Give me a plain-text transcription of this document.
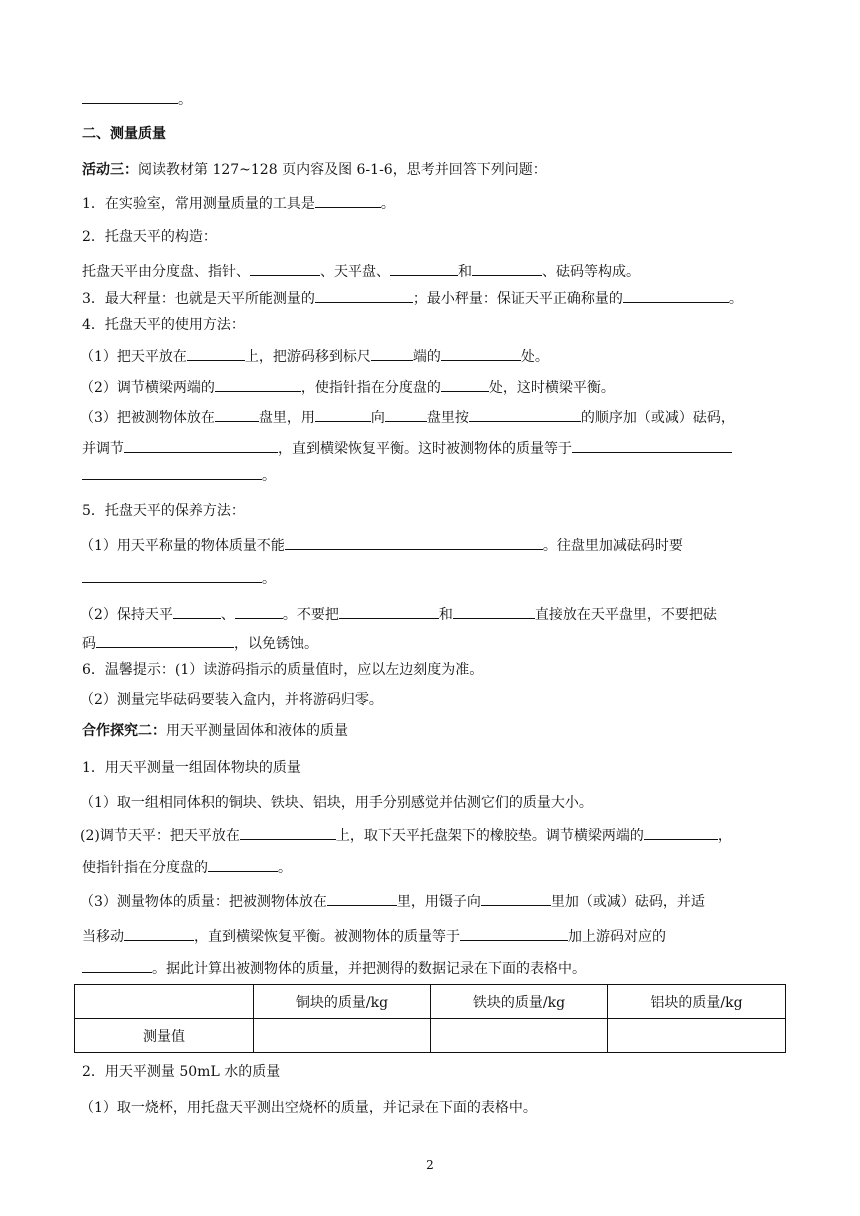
。
二、测量质量
活动三：阅读教材第 127~128 页内容及图 6-1-6，思考并回答下列问题：
1．在实验室，常用测量质量的工具是	。
2．托盘天平的构造：
托盘天平由分度盘、指针、	、天平盘、	和	、砝码等构成。
3．最大秤量：也就是天平所能测量的	；最小秤量：保证天平正确称量的	。
4．托盘天平的使用方法：
（1）把天平放在	上，把游码移到标尺	端的	处。
（2）调节横梁两端的	，使指针指在分度盘的	处，这时横梁平衡。
（3）把被测物体放在	盘里，用	向	盘里按	的顺序加（或减）砝码，
并调节	，直到横梁恢复平衡。这时被测物体的质量等于
。
5．托盘天平的保养方法：
（1）用天平称量的物体质量不能	。往盘里加减砝码时要
。
（2）保持天平	、	。不要把	和	直接放在天平盘里，不要把砝
码	，以免锈蚀。
6．温馨提示：(1）读游码指示的质量值时，应以左边刻度为准。
（2）测量完毕砝码要装入盒内，并将游码归零。
合作探究二：用天平测量固体和液体的质量
1．用天平测量一组固体物块的质量
（1）取一组相同体积的铜块、铁块、铝块，用手分别感觉并估测它们的质量大小。
(2)调节天平：把天平放在	上，取下天平托盘架下的橡胶垫。调节横梁两端的	，
使指针指在分度盘的	。
（3）测量物体的质量：把被测物体放在	里，用镊子向	里加（或减）砝码，并适
当移动	，直到横梁恢复平衡。被测物体的质量等于	加上游码对应的
。据此计算出被测物体的质量，并把测得的数据记录在下面的表格中。
	铜块的质量/kg	铁块的质量/kg	铝块的质量/kg
测量值			
2．用天平测量 50mL 水的质量
（1）取一烧杯，用托盘天平测出空烧杯的质量，并记录在下面的表格中。
2
